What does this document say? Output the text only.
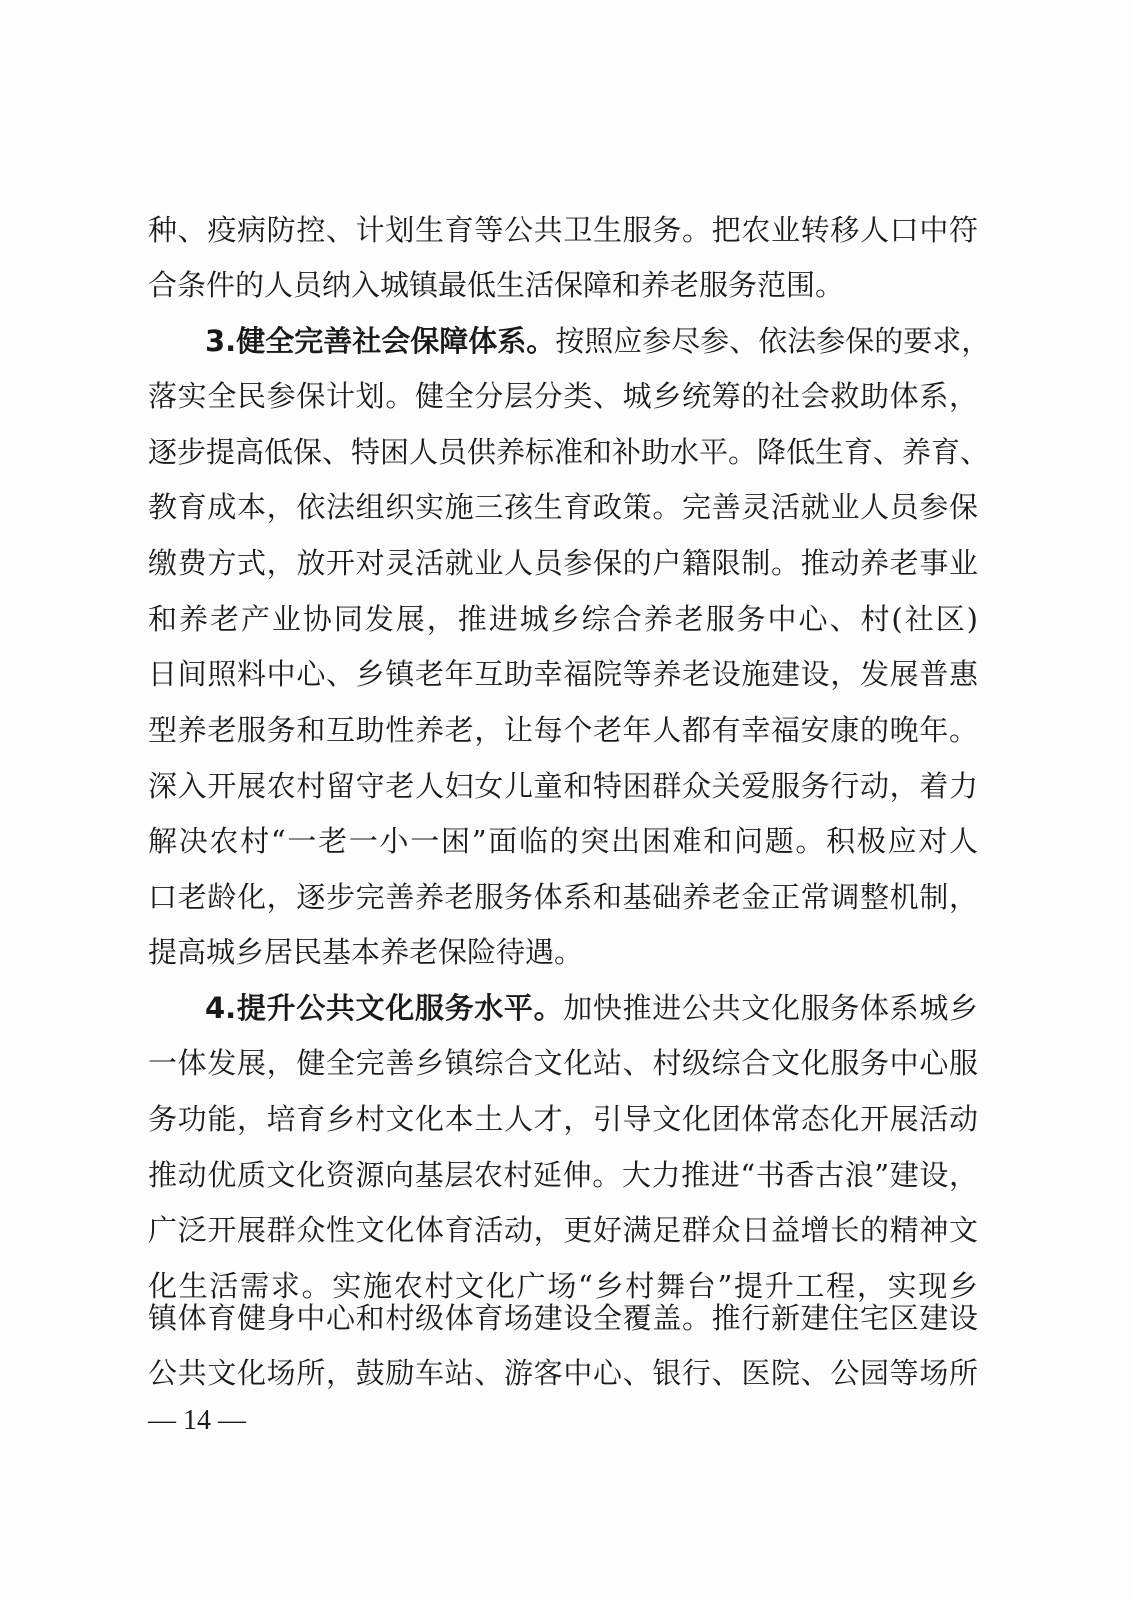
种、疫病防控、计划生育等公共卫生服务。把农业转移人口中符
合条件的人员纳入城镇最低生活保障和养老服务范围。
3.健全完善社会保障体系。按照应参尽参、依法参保的要求，
落实全民参保计划。健全分层分类、城乡统筹的社会救助体系，
逐步提高低保、特困人员供养标准和补助水平。降低生育、养育、
教育成本，依法组织实施三孩生育政策。完善灵活就业人员参保
缴费方式，放开对灵活就业人员参保的户籍限制。推动养老事业
和养老产业协同发展，推进城乡综合养老服务中心、村(社区)
日间照料中心、乡镇老年互助幸福院等养老设施建设，发展普惠
型养老服务和互助性养老，让每个老年人都有幸福安康的晚年。
深入开展农村留守老人妇女儿童和特困群众关爱服务行动，着力
解决农村“一老一小一困”面临的突出困难和问题。积极应对人
口老龄化，逐步完善养老服务体系和基础养老金正常调整机制，
提高城乡居民基本养老保险待遇。
4.提升公共文化服务水平。加快推进公共文化服务体系城乡
一体发展，健全完善乡镇综合文化站、村级综合文化服务中心服
务功能，培育乡村文化本土人才，引导文化团体常态化开展活动
推动优质文化资源向基层农村延伸。大力推进“书香古浪”建设，
广泛开展群众性文化体育活动，更好满足群众日益增长的精神文
化生活需求。实施农村文化广场“乡村舞台”提升工程，实现乡
镇体育健身中心和村级体育场建设全覆盖。推行新建住宅区建设
公共文化场所，鼓励车站、游客中心、银行、医院、公园等场所
— 14 —
